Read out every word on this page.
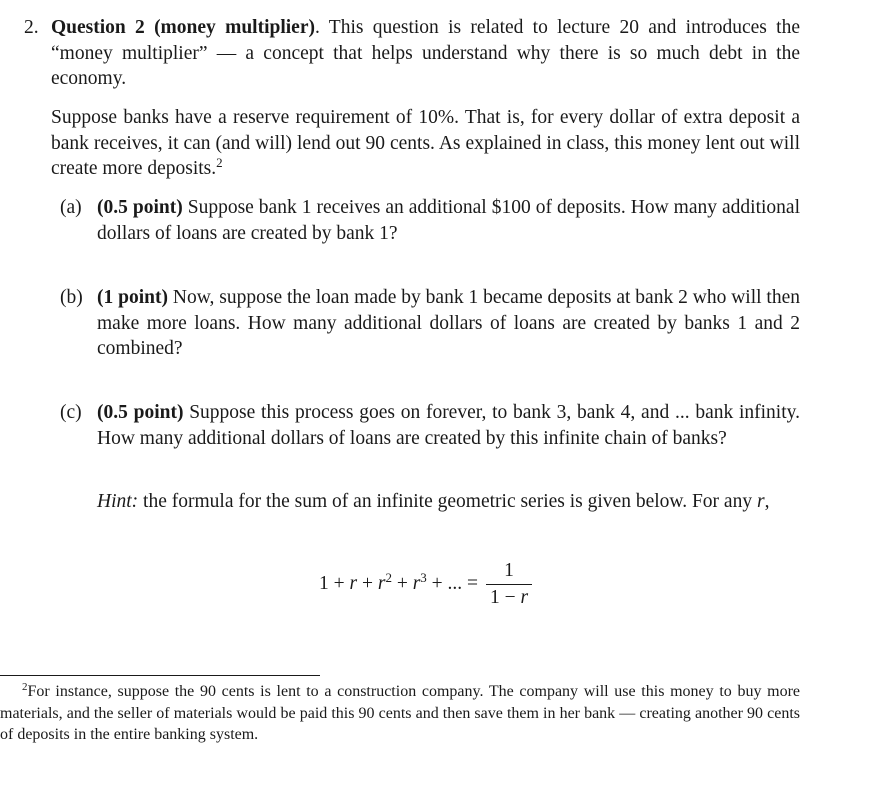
2. Question 2 (money multiplier). This question is related to lecture 20 and introduces the “money multiplier” — a concept that helps understand why there is so much debt in the economy.
Suppose banks have a reserve requirement of 10%. That is, for every dollar of extra deposit a bank receives, it can (and will) lend out 90 cents. As explained in class, this money lent out will create more deposits.$^2$
(a) (0.5 point) Suppose bank 1 receives an additional $100 of deposits. How many additional dollars of loans are created by bank 1?
(b) (1 point) Now, suppose the loan made by bank 1 became deposits at bank 2 who will then make more loans. How many additional dollars of loans are created by banks 1 and 2 combined?
(c) (0.5 point) Suppose this process goes on forever, to bank 3, bank 4, and ... bank infinity. How many additional dollars of loans are created by this infinite chain of banks?
Hint: the formula for the sum of an infinite geometric series is given below. For any r,
$1 + r + r^2 + r^3$ + ... = $\frac{1}{1 - r}$
$^2$For instance, suppose the 90 cents is lent to a construction company. The company will use this money to buy more materials, and the seller of materials would be paid this 90 cents and then save them in her bank — creating another 90 cents of deposits in the entire banking system.
